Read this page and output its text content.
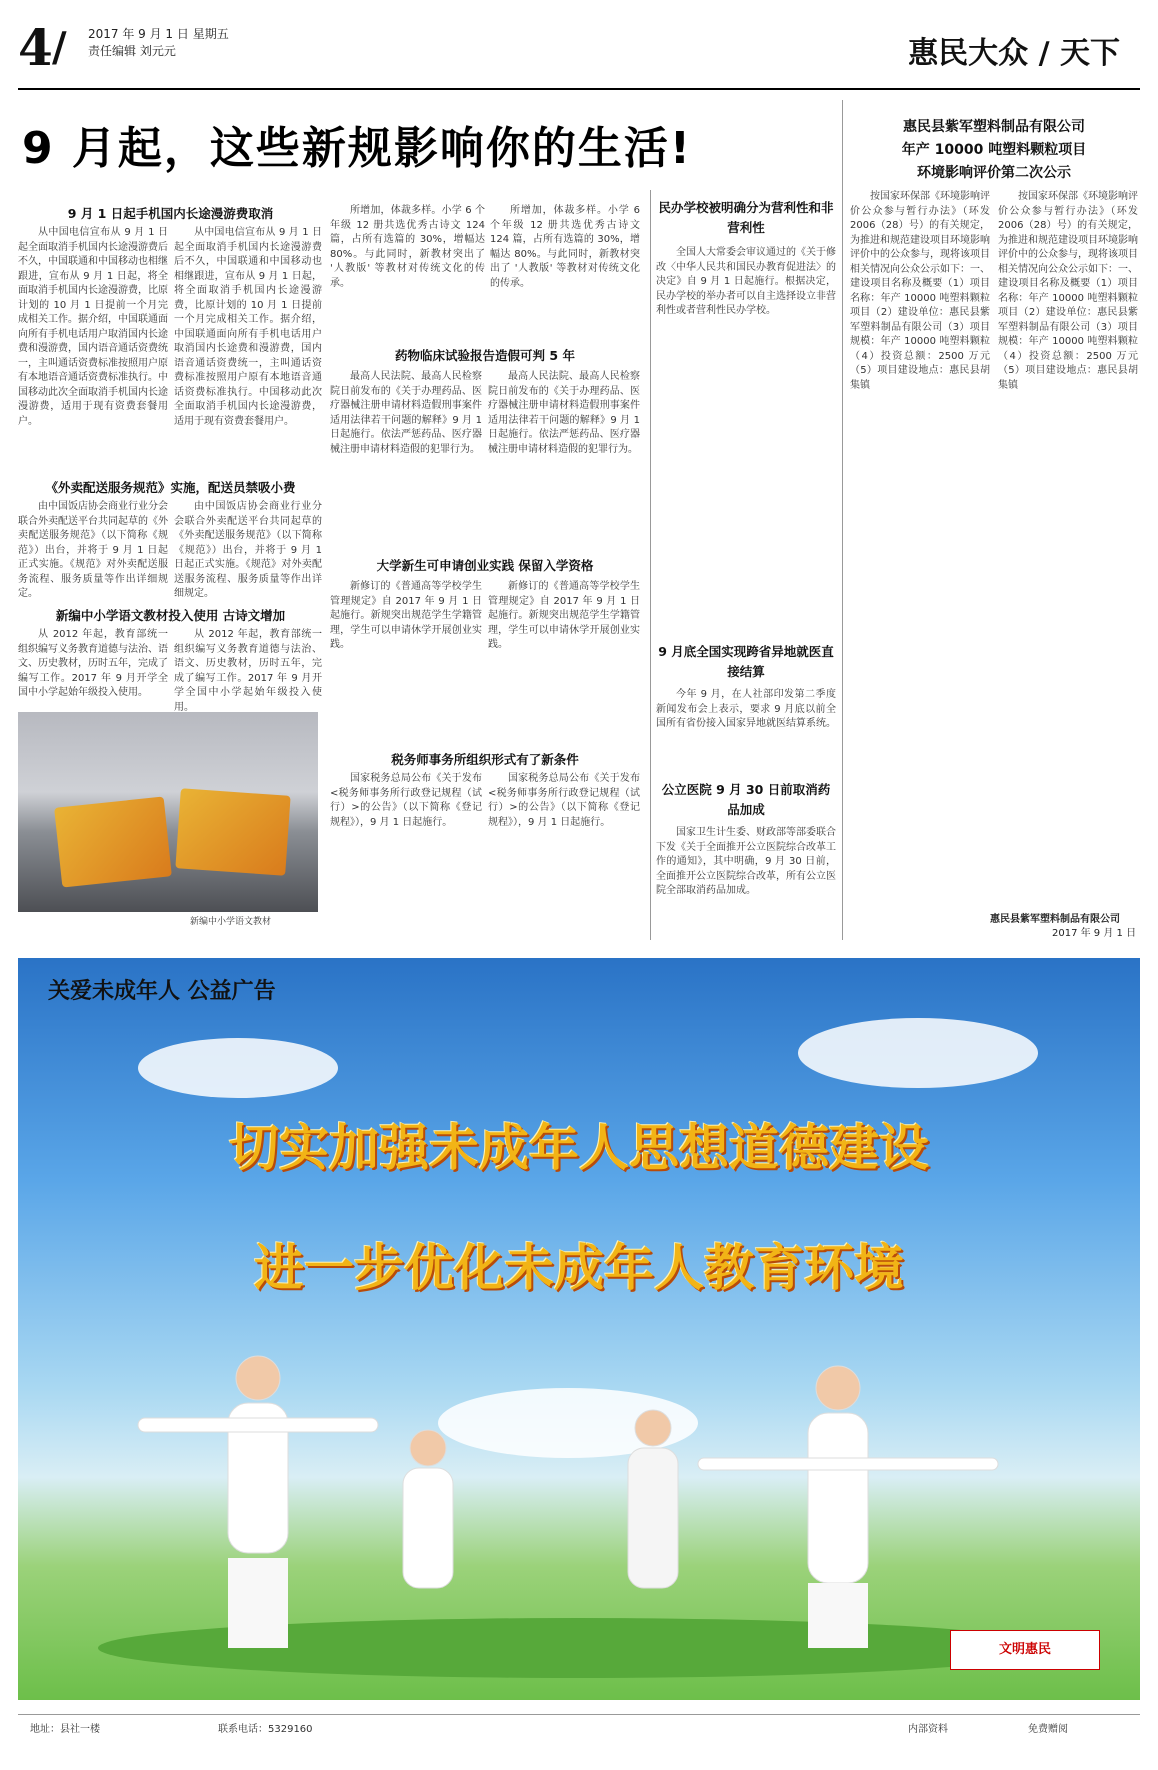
4 / 2017 年 9 月 1 日 星期五
责任编辑 刘元元	惠民大众 / 天下
9 月起，这些新规影响你的生活!
9 月 1 日起手机国内长途漫游费取消
从中国电信宣布从 9 月 1 日起全面取消手机国内长途漫游费后不久，中国联通和中国移动也相继跟进，宣布从 9 月 1 日起，将全面取消手机国内长途漫游费，比原计划的 10 月 1 日提前一个月完成相关工作。据介绍，中国联通面向所有手机电话用户取消国内长途费和漫游费，国内语音通话资费统一，主叫通话资费标准按照用户原有本地语音通话资费标准执行。中国移动此次全面取消手机国内长途漫游费，适用于现有资费套餐用户。
从中国电信宣布从 9 月 1 日起全面取消手机国内长途漫游费后不久，中国联通和中国移动也相继跟进，宣布从 9 月 1 日起，将全面取消手机国内长途漫游费，比原计划的 10 月 1 日提前一个月完成相关工作。据介绍，中国联通面向所有手机电话用户取消国内长途费和漫游费，国内语音通话资费统一，主叫通话资费标准按照用户原有本地语音通话资费标准执行。中国移动此次全面取消手机国内长途漫游费，适用于现有资费套餐用户。
所增加，体裁多样。小学 6 个年级 12 册共选优秀古诗文 124 篇，占所有选篇的 30%，增幅达 80%。与此同时，新教材突出了 '人教版' 等教材对传统文化的传承。
所增加，体裁多样。小学 6 个年级 12 册共选优秀古诗文 124 篇，占所有选篇的 30%，增幅达 80%。与此同时，新教材突出了 '人教版' 等教材对传统文化的传承。
《外卖配送服务规范》实施，配送员禁吸小费
由中国饭店协会商业行业分会联合外卖配送平台共同起草的《外卖配送服务规范》（以下简称《规范》）出台，并将于 9 月 1 日起正式实施。《规范》对外卖配送服务流程、服务质量等作出详细规定。
由中国饭店协会商业行业分会联合外卖配送平台共同起草的《外卖配送服务规范》（以下简称《规范》）出台，并将于 9 月 1 日起正式实施。《规范》对外卖配送服务流程、服务质量等作出详细规定。
新编中小学语文教材投入使用 古诗文增加
从 2012 年起，教育部统一组织编写义务教育道德与法治、语文、历史教材，历时五年，完成了编写工作。2017 年 9 月开学全国中小学起始年级投入使用。
从 2012 年起，教育部统一组织编写义务教育道德与法治、语文、历史教材，历时五年，完成了编写工作。2017 年 9 月开学全国中小学起始年级投入使用。
新编中小学语文教材
药物临床试验报告造假可判 5 年
最高人民法院、最高人民检察院日前发布的《关于办理药品、医疗器械注册申请材料造假刑事案件适用法律若干问题的解释》9 月 1 日起施行。依法严惩药品、医疗器械注册申请材料造假的犯罪行为。
最高人民法院、最高人民检察院日前发布的《关于办理药品、医疗器械注册申请材料造假刑事案件适用法律若干问题的解释》9 月 1 日起施行。依法严惩药品、医疗器械注册申请材料造假的犯罪行为。
大学新生可申请创业实践 保留入学资格
新修订的《普通高等学校学生管理规定》自 2017 年 9 月 1 日起施行。新规突出规范学生学籍管理，学生可以申请休学开展创业实践。
新修订的《普通高等学校学生管理规定》自 2017 年 9 月 1 日起施行。新规突出规范学生学籍管理，学生可以申请休学开展创业实践。
税务师事务所组织形式有了新条件
国家税务总局公布《关于发布<税务师事务所行政登记规程（试行）>的公告》（以下简称《登记规程》），9 月 1 日起施行。
国家税务总局公布《关于发布<税务师事务所行政登记规程（试行）>的公告》（以下简称《登记规程》），9 月 1 日起施行。
民办学校被明确分为营利性和非营利性
全国人大常委会审议通过的《关于修改〈中华人民共和国民办教育促进法〉的决定》自 9 月 1 日起施行。根据决定，民办学校的举办者可以自主选择设立非营利性或者营利性民办学校。
9 月底全国实现跨省异地就医直接结算
今年 9 月，在人社部印发第二季度新闻发布会上表示，要求 9 月底以前全国所有省份接入国家异地就医结算系统。
公立医院 9 月 30 日前取消药品加成
国家卫生计生委、财政部等部委联合下发《关于全面推开公立医院综合改革工作的通知》，其中明确，9 月 30 日前，全面推开公立医院综合改革，所有公立医院全部取消药品加成。
惠民县紫军塑料制品有限公司
年产 10000 吨塑料颗粒项目
环境影响评价第二次公示
按国家环保部《环境影响评价公众参与暂行办法》（环发 2006（28）号）的有关规定，为推进和规范建设项目环境影响评价中的公众参与，现将该项目相关情况向公众公示如下：一、建设项目名称及概要（1）项目名称：年产 10000 吨塑料颗粒项目（2）建设单位：惠民县紫军塑料制品有限公司（3）项目规模：年产 10000 吨塑料颗粒（4）投资总额：2500 万元（5）项目建设地点：惠民县胡集镇
按国家环保部《环境影响评价公众参与暂行办法》（环发 2006（28）号）的有关规定，为推进和规范建设项目环境影响评价中的公众参与，现将该项目相关情况向公众公示如下：一、建设项目名称及概要（1）项目名称：年产 10000 吨塑料颗粒项目（2）建设单位：惠民县紫军塑料制品有限公司（3）项目规模：年产 10000 吨塑料颗粒（4）投资总额：2500 万元（5）项目建设地点：惠民县胡集镇
惠民县紫军塑料制品有限公司
2017 年 9 月 1 日
关爱未成年人 公益广告
切实加强未成年人思想道德建设
进一步优化未成年人教育环境
文明惠民
地址：县社一楼	联系电话：5329160	内部资料	免费赠阅
